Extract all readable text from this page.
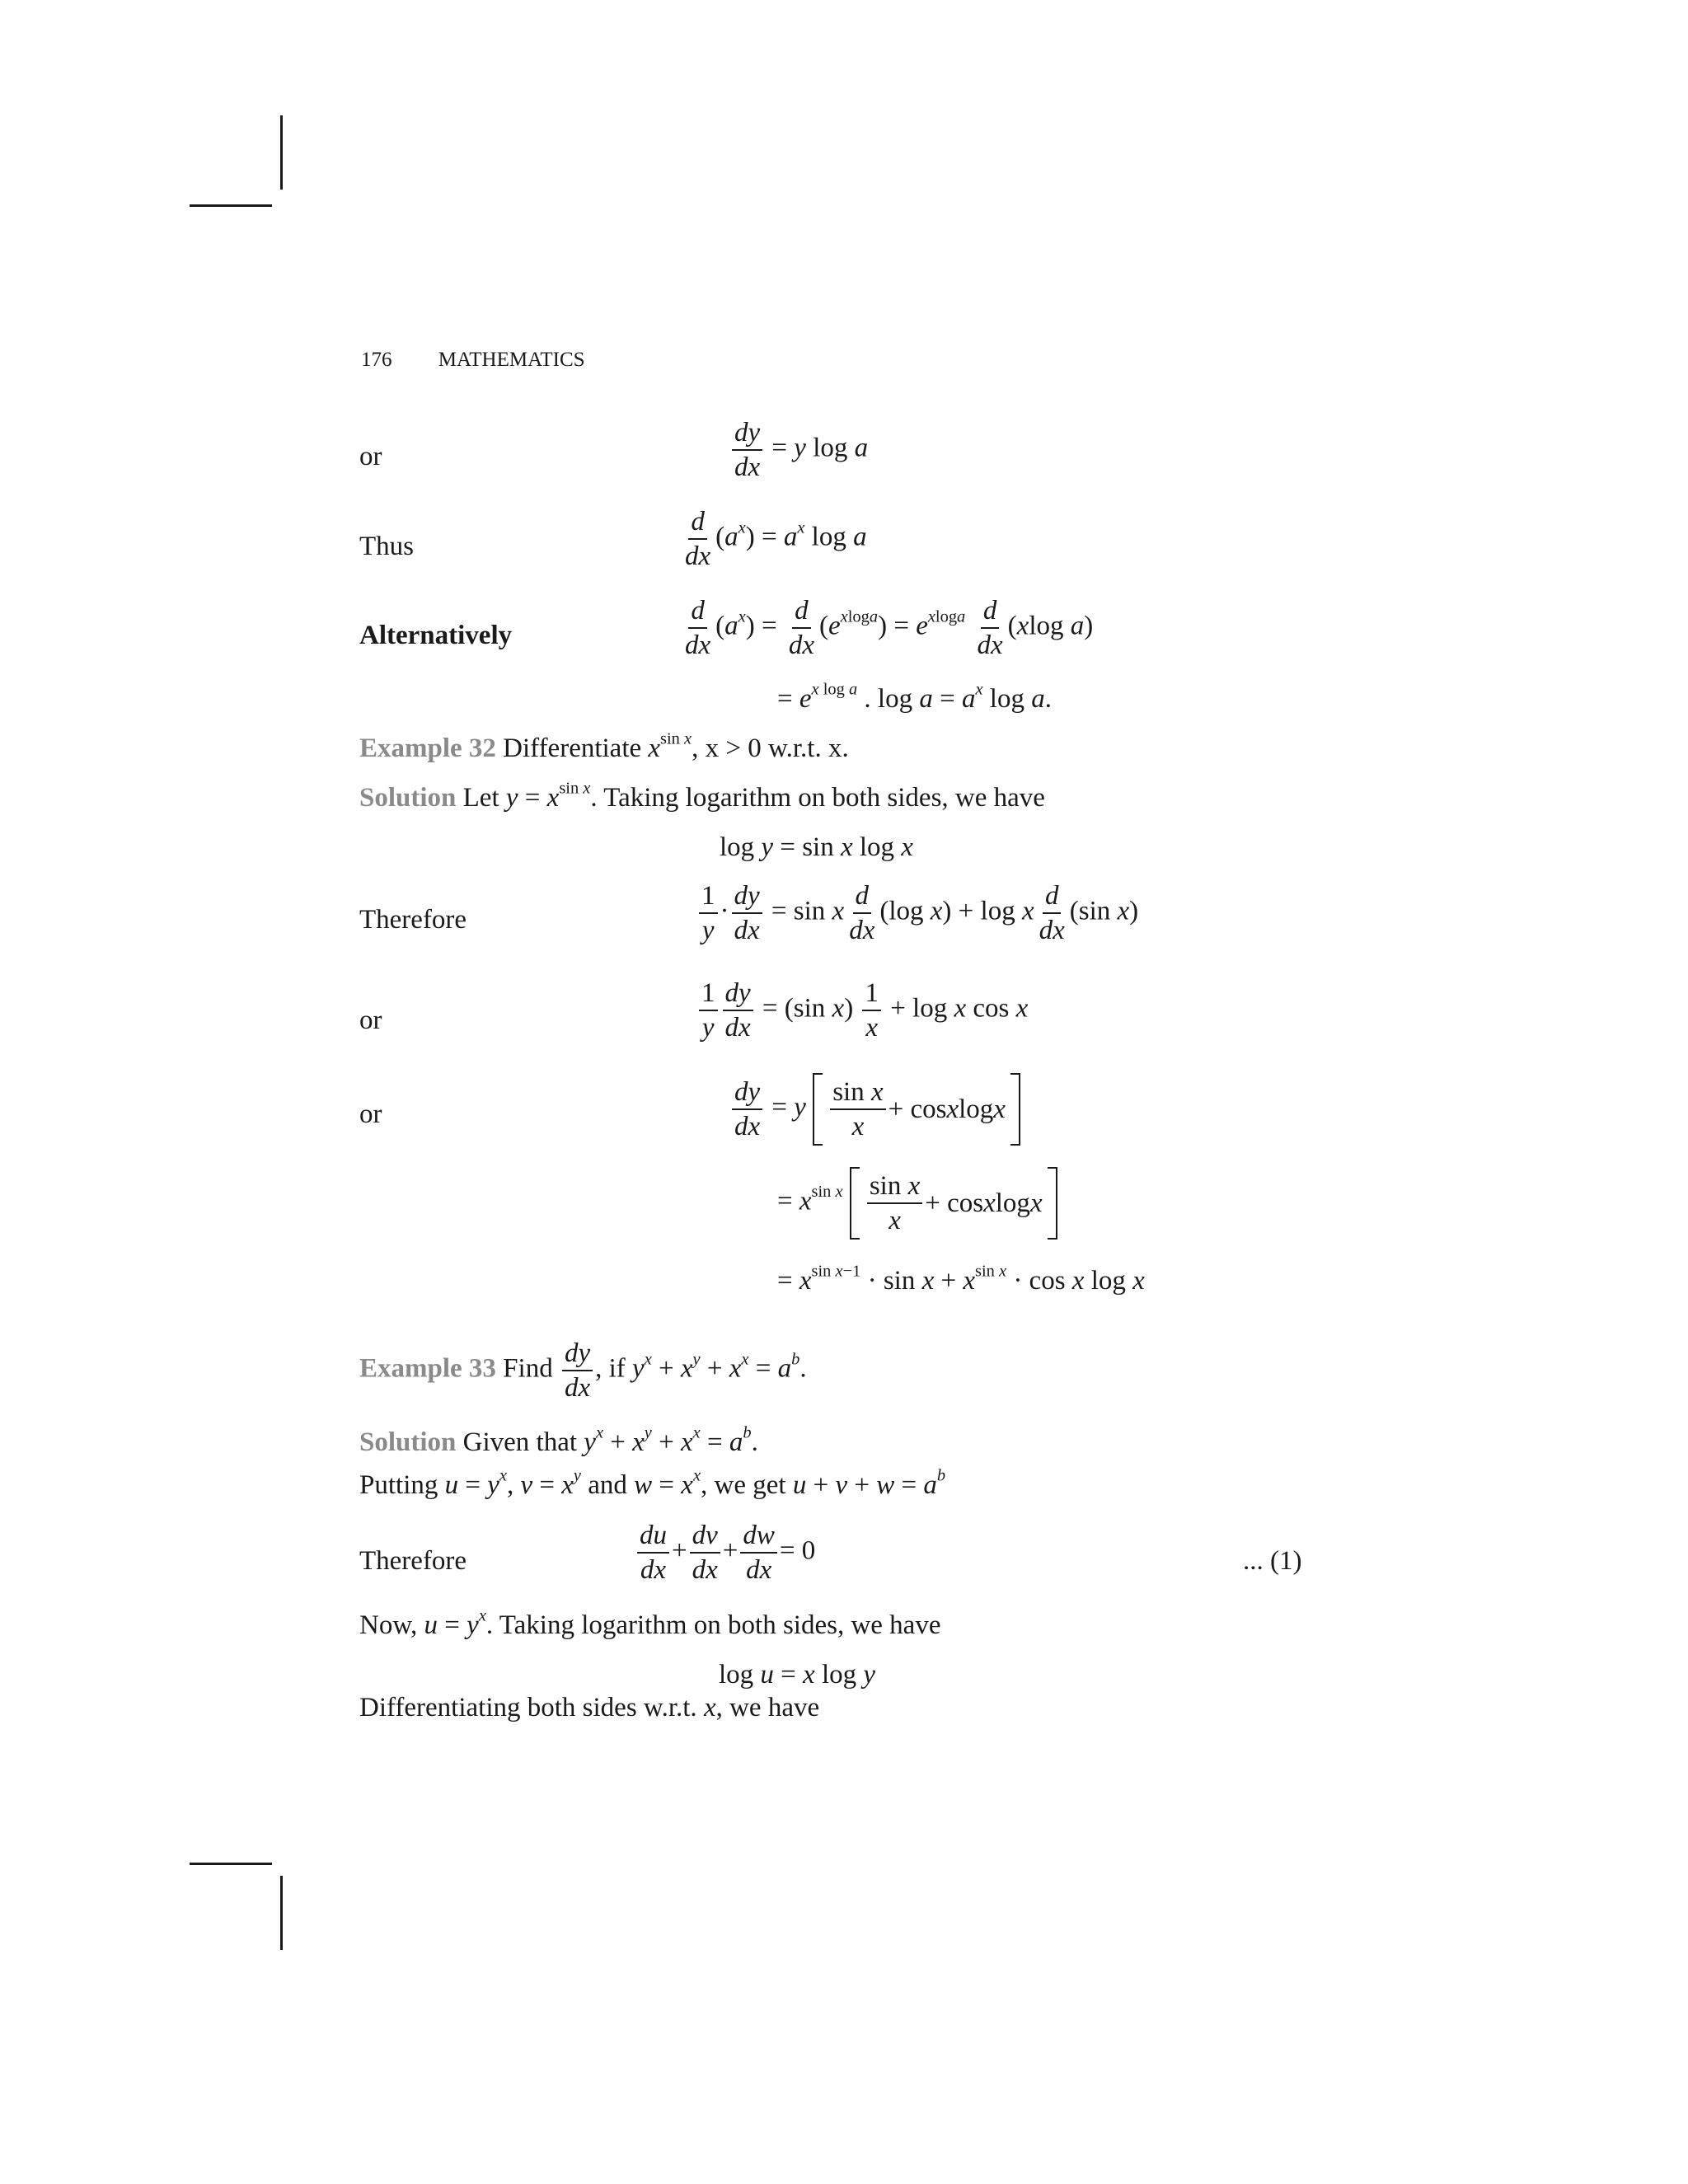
176 MATHEMATICS
or	$\frac{dy}{dx} = y$ log a
Thus	$\frac{d}{dx} (a^x) = a^x$ log a
Alternatively	$\frac{d}{dx} (a^x) = \frac{d}{dx} (e^{xloga}) = e^{xloga} \frac{d}{dx} (xlog$ a)
= $e^{x log a}$ . $\log a = a^x$ log a.
Example 32 Differentiate $x^{sin x}$, x > 0 w.r.t. x.
Solution Let $y = x^{sin x}$. Taking logarithm on both sides, we have
log y = sin x log x
Therefore	$\frac{1}{y} \cdot \frac{dy}{dx} = \sin x \frac{d}{dx} (\log$ x) + log x $\frac{d}{dx} (\sin$ x)
or	$\frac{1}{y} \frac{dy}{dx} = (\sin$ $x) \frac{1}{x} + \log x$ cos x
or	$\frac{dy}{dx} = y$
sin x
x
+ cos x log x
= $x^{sin x}$ sin x
x
+ cos x log x
= $x^{sin x-1} \cdot \sin x + x^{sin x} \cdot \cos x$ log x
Example 33 Find $\frac{dy}{dx}$ , if $y^x + x^y + x^x = a^b$.
Solution Given that $y^x + x^y + x^x = a^b$.
Putting $u = y^x$, $v = x^y$ and $w = x^x$, we get $u + v + w = a^b$
Therefore	$\frac{du}{dx} + \frac{dv}{dx} + \frac{dw}{dx} = 0$	... (1)
Now, $u = y^x$. Taking logarithm on both sides, we have
log u = x log y
Differentiating both sides w.r.t. x, we have
